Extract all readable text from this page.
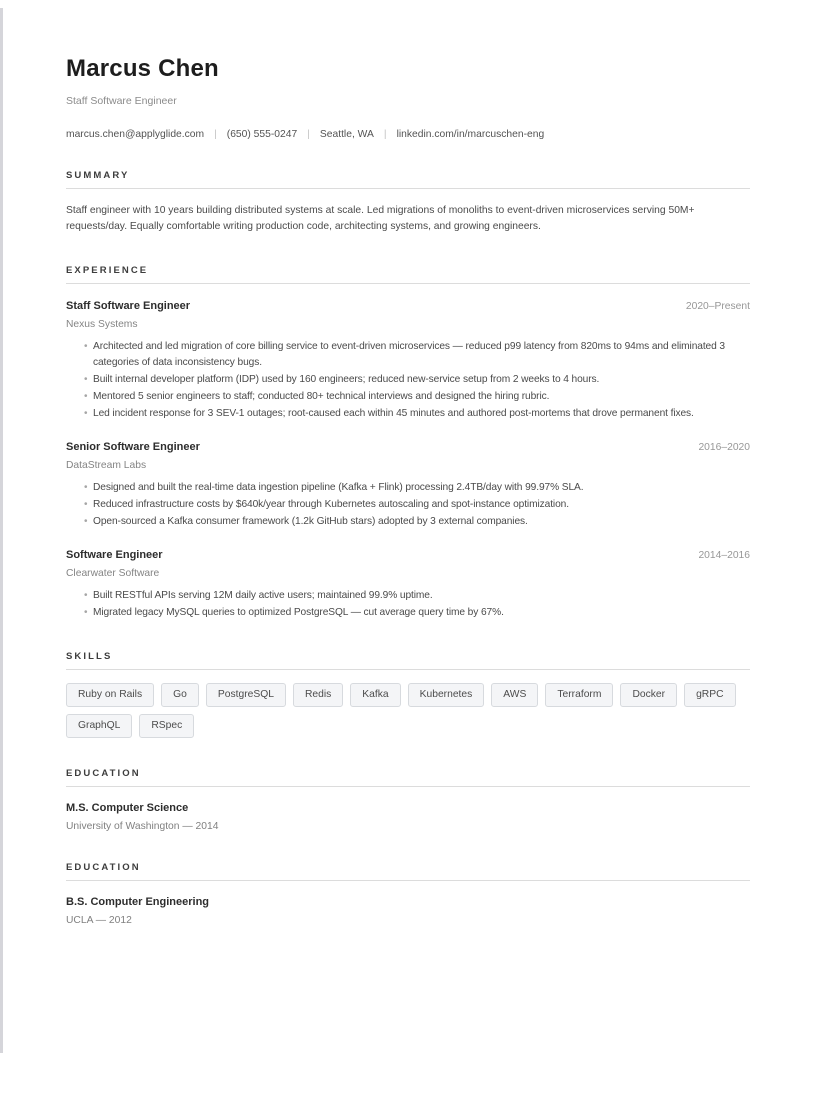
Marcus Chen
Staff Software Engineer
marcus.chen@applyglide.com | (650) 555-0247 | Seattle, WA | linkedin.com/in/marcuschen-eng
SUMMARY

Staff engineer with 10 years building distributed systems at scale. Led migrations of monoliths to event-driven microservices serving 50M+ requests/day. Equally comfortable writing production code, architecting systems, and growing engineers.

EXPERIENCE
Staff Software Engineer	2020–Present
Nexus Systems
• Architected and led migration of core billing service to event-driven microservices — reduced p99 latency from 820ms to 94ms and eliminated 3 categories of data inconsistency bugs.
• Built internal developer platform (IDP) used by 160 engineers; reduced new-service setup from 2 weeks to 4 hours.
• Mentored 5 senior engineers to staff; conducted 80+ technical interviews and designed the hiring rubric.
• Led incident response for 3 SEV-1 outages; root-caused each within 45 minutes and authored post-mortems that drove permanent fixes.
Senior Software Engineer	2016–2020
DataStream Labs
• Designed and built the real-time data ingestion pipeline (Kafka + Flink) processing 2.4TB/day with 99.97% SLA.
• Reduced infrastructure costs by $640k/year through Kubernetes autoscaling and spot-instance optimization.
• Open-sourced a Kafka consumer framework (1.2k GitHub stars) adopted by 3 external companies.
Software Engineer	2014–2016
Clearwater Software
• Built RESTful APIs serving 12M daily active users; maintained 99.9% uptime.
• Migrated legacy MySQL queries to optimized PostgreSQL — cut average query time by 67%.
SKILLS
Ruby on Rails	Go	PostgreSQL	Redis	Kafka	Kubernetes	AWS	Terraform	Docker	gRPC
GraphQL	RSpec
EDUCATION
M.S. Computer Science
University of Washington — 2014
EDUCATION
B.S. Computer Engineering
UCLA — 2012
